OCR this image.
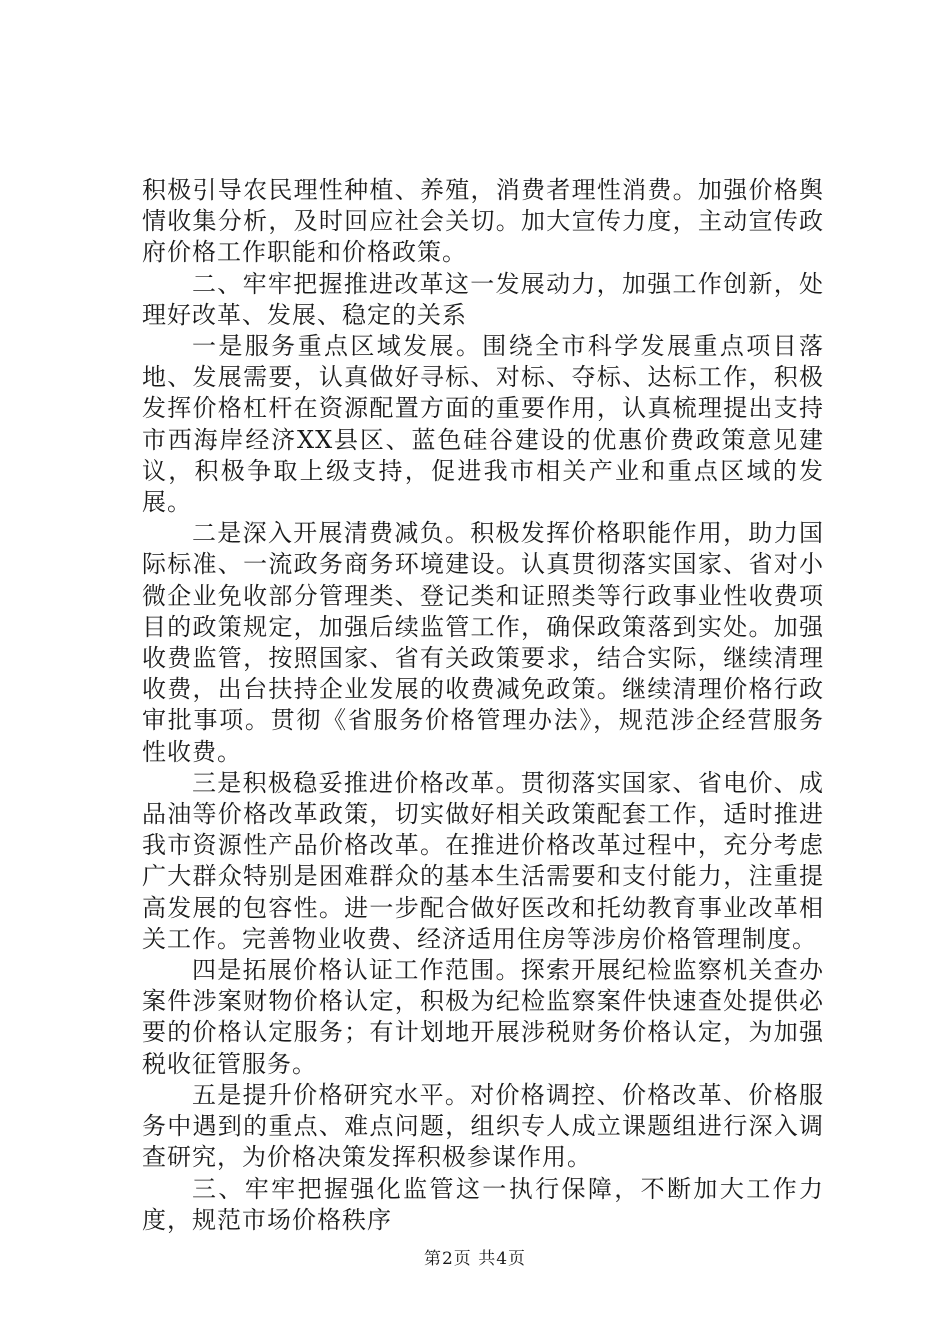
积极引导农民理性种植、养殖，消费者理性消费。加强价格舆情收集分析，及时回应社会关切。加大宣传力度，主动宣传政府价格工作职能和价格政策。

二、牢牢把握推进改革这一发展动力，加强工作创新，处理好改革、发展、稳定的关系

一是服务重点区域发展。围绕全市科学发展重点项目落地、发展需要，认真做好寻标、对标、夺标、达标工作，积极发挥价格杠杆在资源配置方面的重要作用，认真梳理提出支持市西海岸经济XX县区、蓝色硅谷建设的优惠价费政策意见建议，积极争取上级支持，促进我市相关产业和重点区域的发展。

二是深入开展清费减负。积极发挥价格职能作用，助力国际标准、一流政务商务环境建设。认真贯彻落实国家、省对小微企业免收部分管理类、登记类和证照类等行政事业性收费项目的政策规定，加强后续监管工作，确保政策落到实处。加强收费监管，按照国家、省有关政策要求，结合实际，继续清理收费，出台扶持企业发展的收费减免政策。继续清理价格行政审批事项。贯彻《省服务价格管理办法》，规范涉企经营服务性收费。

三是积极稳妥推进价格改革。贯彻落实国家、省电价、成品油等价格改革政策，切实做好相关政策配套工作，适时推进我市资源性产品价格改革。在推进价格改革过程中，充分考虑广大群众特别是困难群众的基本生活需要和支付能力，注重提高发展的包容性。进一步配合做好医改和托幼教育事业改革相关工作。完善物业收费、经济适用住房等涉房价格管理制度。

四是拓展价格认证工作范围。探索开展纪检监察机关查办案件涉案财物价格认定，积极为纪检监察案件快速查处提供必要的价格认定服务；有计划地开展涉税财务价格认定，为加强税收征管服务。

五是提升价格研究水平。对价格调控、价格改革、价格服务中遇到的重点、难点问题，组织专人成立课题组进行深入调查研究，为价格决策发挥积极参谋作用。

三、牢牢把握强化监管这一执行保障，不断加大工作力度，规范市场价格秩序

第2页 共4页
